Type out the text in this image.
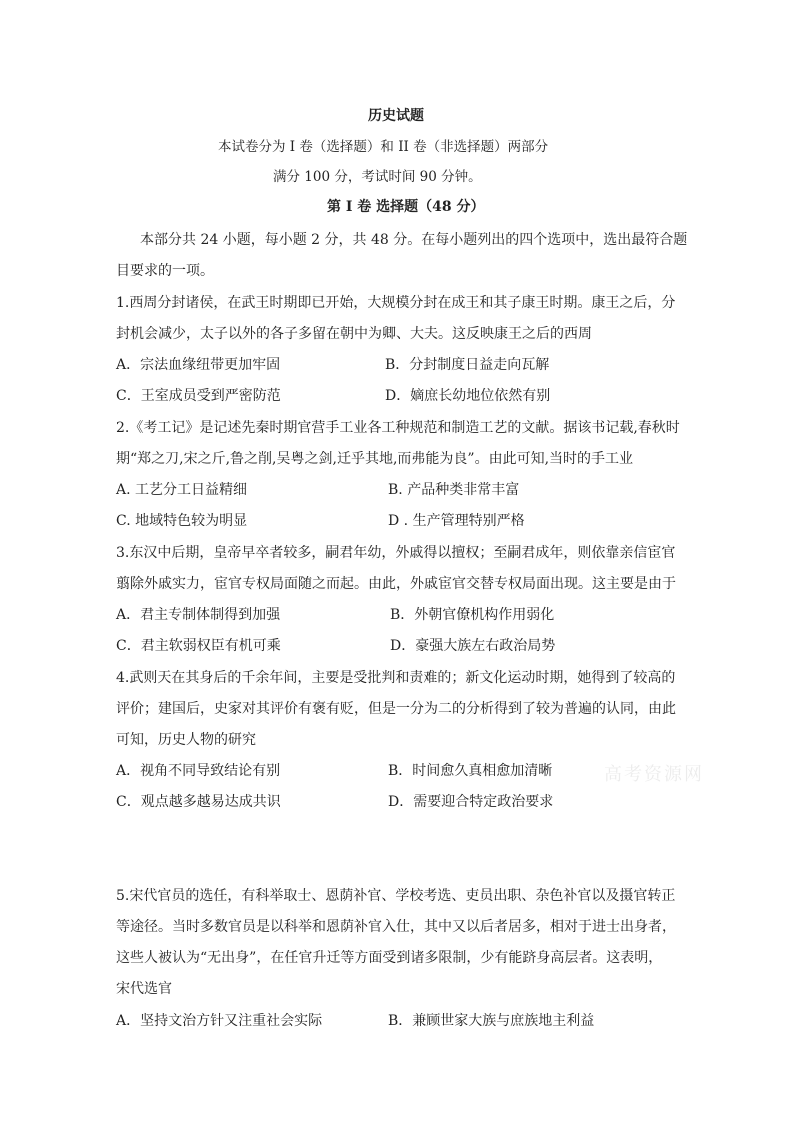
历史试题
本试卷分为 I 卷（选择题）和 II 卷（非选择题）两部分
满分 100 分，考试时间 90 分钟。
第 I 卷 选择题（48 分）
本部分共 24 小题，每小题 2 分，共 48 分。在每小题列出的四个选项中，选出最符合题
目要求的一项。
1.西周分封诸侯，在武王时期即已开始，大规模分封在成王和其子康王时期。康王之后，分
封机会减少，太子以外的各子多留在朝中为卿、大夫。这反映康王之后的西周
A．宗法血缘纽带更加牢固	B．分封制度日益走向瓦解
C．王室成员受到严密防范	D．嫡庶长幼地位依然有别
2.《考工记》是记述先秦时期官营手工业各工种规范和制造工艺的文献。据该书记载,春秋时
期“郑之刀,宋之斤,鲁之削,吴粤之剑,迁乎其地,而弗能为良”。由此可知,当时的手工业
A. 工艺分工日益精细	B. 产品种类非常丰富
C. 地域特色较为明显	D . 生产管理特别严格
3.东汉中后期，皇帝早卒者较多，嗣君年幼，外戚得以擅权；至嗣君成年，则依靠亲信宦官
翦除外戚实力，宦官专权局面随之而起。由此，外戚宦官交替专权局面出现。这主要是由于
A．君主专制体制得到加强	B．外朝官僚机构作用弱化
C．君主软弱权臣有机可乘	D．豪强大族左右政治局势
4.武则天在其身后的千余年间，主要是受批判和责难的；新文化运动时期，她得到了较高的
评价；建国后，史家对其评价有褒有贬，但是一分为二的分析得到了较为普遍的认同，由此
可知，历史人物的研究
A．视角不同导致结论有别	B．时间愈久真相愈加清晰
C．观点越多越易达成共识	D．需要迎合特定政治要求
高考资源网
5.宋代官员的选任，有科举取士、恩荫补官、学校考选、吏员出职、杂色补官以及摄官转正
等途径。当时多数官员是以科举和恩荫补官入仕，其中又以后者居多，相对于进士出身者，
这些人被认为“无出身”，在任官升迁等方面受到诸多限制，少有能跻身高层者。这表明，
宋代选官
A．坚持文治方针又注重社会实际	B．兼顾世家大族与庶族地主利益
